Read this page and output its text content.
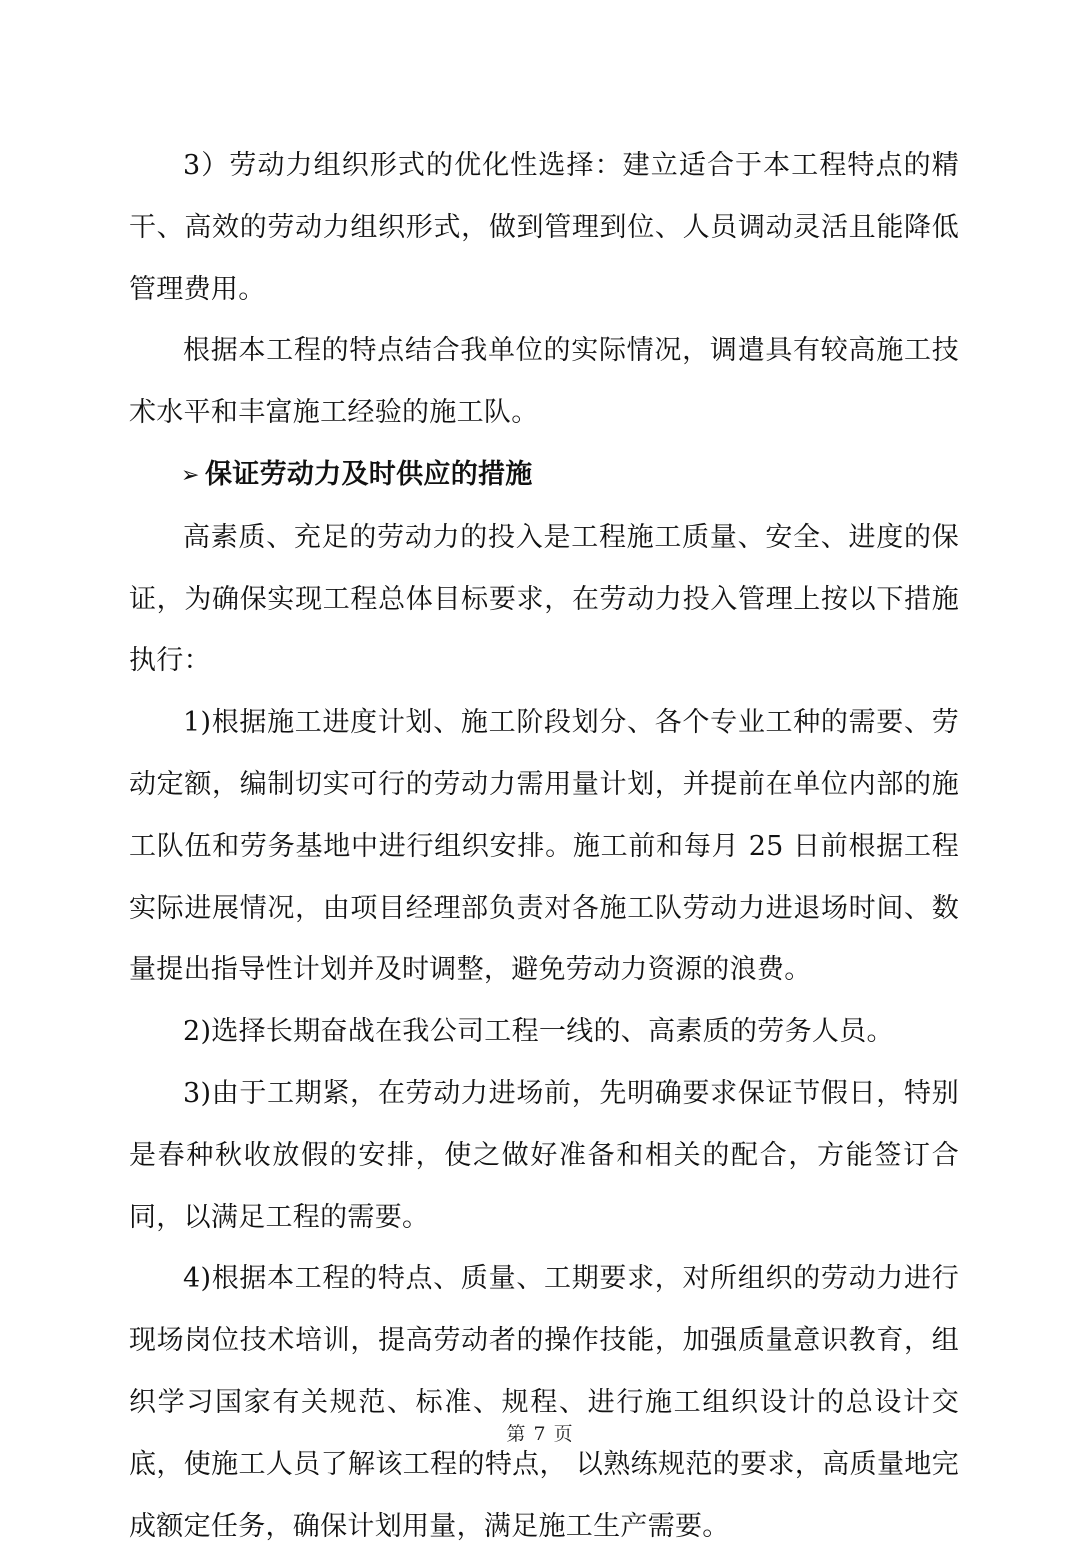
3）劳动力组织形式的优化性选择：建立适合于本工程特点的精干、高效的劳动力组织形式，做到管理到位、人员调动灵活且能降低管理费用。

根据本工程的特点结合我单位的实际情况，调遣具有较高施工技术水平和丰富施工经验的施工队。

➢ 保证劳动力及时供应的措施

高素质、充足的劳动力的投入是工程施工质量、安全、进度的保证，为确保实现工程总体目标要求，在劳动力投入管理上按以下措施执行：

1)根据施工进度计划、施工阶段划分、各个专业工种的需要、劳动定额，编制切实可行的劳动力需用量计划，并提前在单位内部的施工队伍和劳务基地中进行组织安排。施工前和每月 25 日前根据工程实际进展情况，由项目经理部负责对各施工队劳动力进退场时间、数量提出指导性计划并及时调整，避免劳动力资源的浪费。

2)选择长期奋战在我公司工程一线的、高素质的劳务人员。

3)由于工期紧，在劳动力进场前，先明确要求保证节假日，特别是春种秋收放假的安排，使之做好准备和相关的配合，方能签订合同，以满足工程的需要。

4)根据本工程的特点、质量、工期要求，对所组织的劳动力进行现场岗位技术培训，提高劳动者的操作技能，加强质量意识教育，组织学习国家有关规范、标准、规程、进行施工组织设计的总设计交底，使施工人员了解该工程的特点， 以熟练规范的要求，高质量地完成额定任务，确保计划用量，满足施工生产需要。

第 7 页
